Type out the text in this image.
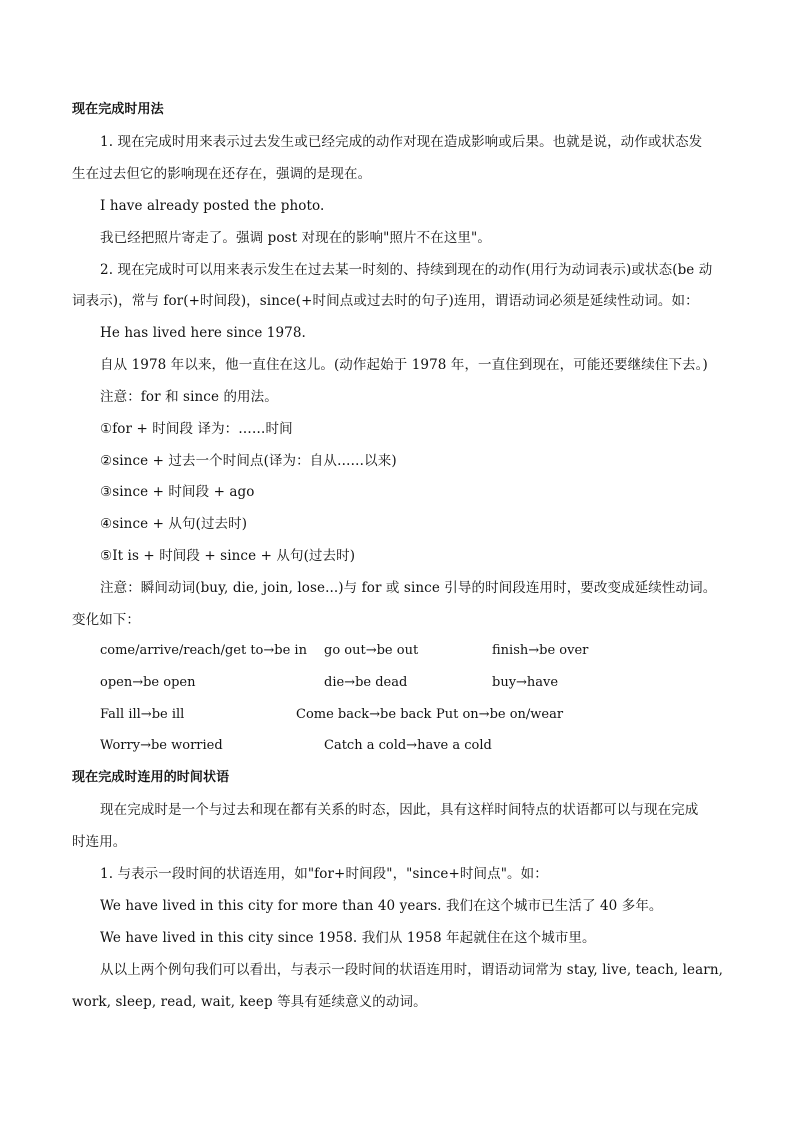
现在完成时用法
1. 现在完成时用来表示过去发生或已经完成的动作对现在造成影响或后果。也就是说，动作或状态发
生在过去但它的影响现在还存在，强调的是现在。
I have already posted the photo.
我已经把照片寄走了。强调 post 对现在的影响"照片不在这里"。
2. 现在完成时可以用来表示发生在过去某一时刻的、持续到现在的动作(用行为动词表示)或状态(be 动
词表示)，常与 for(+时间段)，since(+时间点或过去时的句子)连用，谓语动词必须是延续性动词。如：
He has lived here since 1978.
自从 1978 年以来，他一直住在这儿。(动作起始于 1978 年，一直住到现在，可能还要继续住下去。)
注意：for 和 since 的用法。
①for + 时间段 译为：……时间
②since + 过去一个时间点(译为：自从……以来)
③since + 时间段 + ago
④since + 从句(过去时)
⑤It is + 时间段 + since + 从句(过去时)
注意：瞬间动词(buy, die, join, lose...)与 for 或 since 引导的时间段连用时，要改变成延续性动词。
变化如下：
come/arrive/reach/get to→be in go out→be out	finish→be over
open→be open	die→be dead	buy→have
Fall ill→be ill	Come back→be back Put on→be on/wear
Worry→be worried	Catch a cold→have a cold
现在完成时连用的时间状语
现在完成时是一个与过去和现在都有关系的时态，因此，具有这样时间特点的状语都可以与现在完成
时连用。
1. 与表示一段时间的状语连用，如"for+时间段"，"since+时间点"。如：
We have lived in this city for more than 40 years. 我们在这个城市已生活了 40 多年。
We have lived in this city since 1958. 我们从 1958 年起就住在这个城市里。
从以上两个例句我们可以看出，与表示一段时间的状语连用时，谓语动词常为 stay, live, teach, learn,
work, sleep, read, wait, keep 等具有延续意义的动词。
